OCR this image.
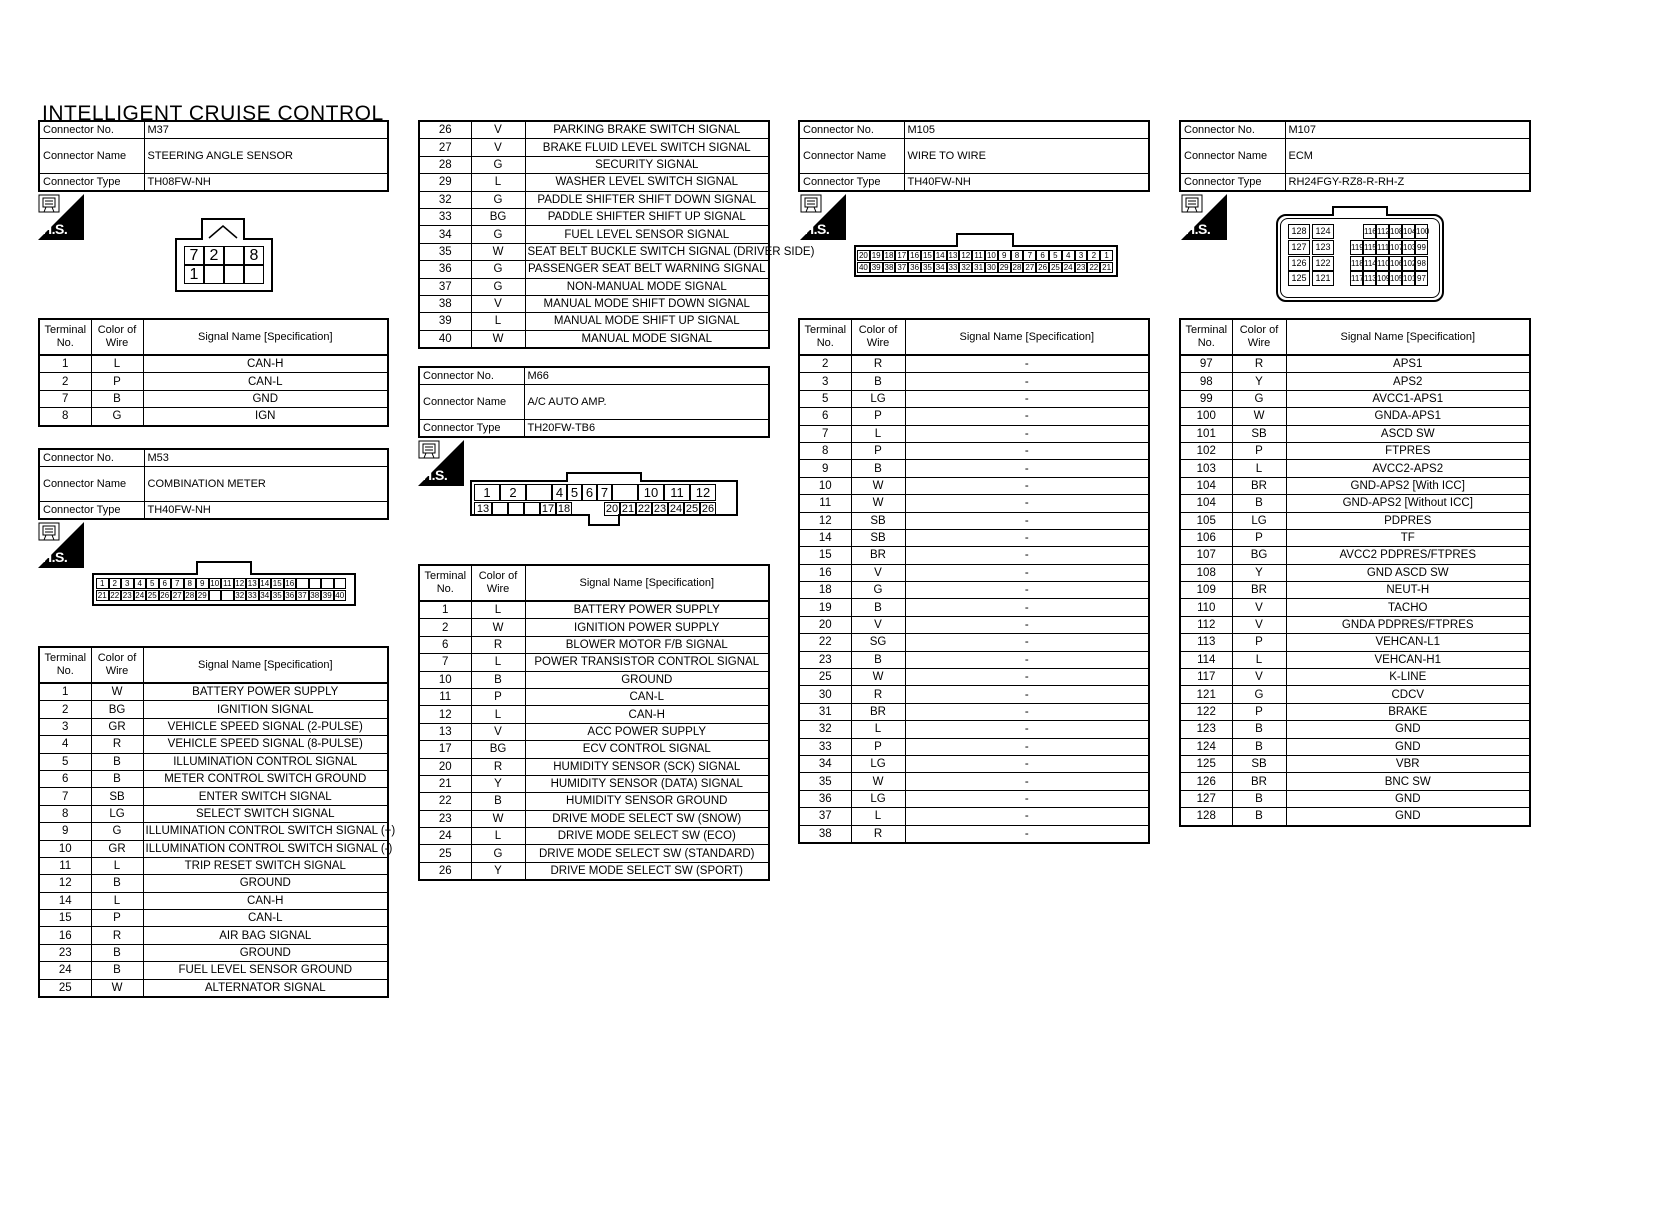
INTELLIGENT CRUISE CONTROL
Connector No.	M37
Connector Name	STEERING ANGLE SENSOR
Connector Type	TH08FW-NH
H.S.
7 2	8
1
Terminal No.	Color of Wire	Signal Name [Specification]
1	L	CAN-H
2	P	CAN-L
7	B	GND
8	G	IGN
Connector No.	M53
Connector Name	COMBINATION METER
Connector Type	TH40FW-NH
H.S.
1	2	3	4	5	6	7	8	9 10 11 12 13 14 15 16
21 22 23 24 25 26 27 28 29	32 33 34 35 36 37 38 39 40
Terminal No.	Color of Wire	Signal Name [Specification]
1	W	BATTERY POWER SUPPLY
2	BG	IGNITION SIGNAL
3	GR	VEHICLE SPEED SIGNAL (2-PULSE)
4	R	VEHICLE SPEED SIGNAL (8-PULSE)
5	B	ILLUMINATION CONTROL SIGNAL
6	B	METER CONTROL SWITCH GROUND
7	SB	ENTER SWITCH SIGNAL
8	LG	SELECT SWITCH SIGNAL
9	G	ILLUMINATION CONTROL SWITCH SIGNAL (+)
10	GR	ILLUMINATION CONTROL SWITCH SIGNAL (-)
11	L	TRIP RESET SWITCH SIGNAL
12	B	GROUND
14	L	CAN-H
15	P	CAN-L
16	R	AIR BAG SIGNAL
23	B	GROUND
24	B	FUEL LEVEL SENSOR GROUND
25	W	ALTERNATOR SIGNAL
26	V	PARKING BRAKE SWITCH SIGNAL
27	V	BRAKE FLUID LEVEL SWITCH SIGNAL
28	G	SECURITY SIGNAL
29	L	WASHER LEVEL SWITCH SIGNAL
32	G	PADDLE SHIFTER SHIFT DOWN SIGNAL
33	BG	PADDLE SHIFTER SHIFT UP SIGNAL
34	G	FUEL LEVEL SENSOR SIGNAL
35	W	SEAT BELT BUCKLE SWITCH SIGNAL (DRIVER SIDE)
36	G	PASSENGER SEAT BELT WARNING SIGNAL
37	G	NON-MANUAL MODE SIGNAL
38	V	MANUAL MODE SHIFT DOWN SIGNAL
39	L	MANUAL MODE SHIFT UP SIGNAL
40	W	MANUAL MODE SIGNAL
Connector No.	M66
Connector Name	A/C AUTO AMP.
Connector Type	TH20FW-TB6
H.S.
1	2	4 5 6 7	10 11 12
13	17 18	20 21 22 23 24 25 26
Terminal No.	Color of Wire	Signal Name [Specification]
1	L	BATTERY POWER SUPPLY
2	W	IGNITION POWER SUPPLY
6	R	BLOWER MOTOR F/B SIGNAL
7	L	POWER TRANSISTOR CONTROL SIGNAL
10	B	GROUND
11	P	CAN-L
12	L	CAN-H
13	V	ACC POWER SUPPLY
17	BG	ECV CONTROL SIGNAL
20	R	HUMIDITY SENSOR (SCK) SIGNAL
21	Y	HUMIDITY SENSOR (DATA) SIGNAL
22	B	HUMIDITY SENSOR GROUND
23	W	DRIVE MODE SELECT SW (SNOW)
24	L	DRIVE MODE SELECT SW (ECO)
25	G	DRIVE MODE SELECT SW (STANDARD)
26	Y	DRIVE MODE SELECT SW (SPORT)
Connector No.	M105
Connector Name	WIRE TO WIRE
Connector Type	TH40FW-NH
H.S.
20 19 18 17 16 15 14 13 12 11 10 9	8	7	6	5	4	3	2	1
40 39 38 37 36 35 34 33 32 31 30 29 28 27 26 25 24 23 22 21
Terminal No.	Color of Wire	Signal Name [Specification]
2	R	-
3	B	-
5	LG	-
6	P	-
7	L	-
8	P	-
9	B	-
10	W	-
11	W	-
12	SB	-
14	SB	-
15	BR	-
16	V	-
18	G	-
19	B	-
20	V	-
22	SG	-
23	B	-
25	W	-
30	R	-
31	BR	-
32	L	-
33	P	-
34	LG	-
35	W	-
36	LG	-
37	L	-
38	R	-
Connector No.	M107
Connector Name	ECM
Connector Type	RH24FGY-RZ8-R-RH-Z
H.S.	128 124	116 112 108 104 100
127 123	119 115 111 107 103 99
126 122	118 114 110 106 102 98
125 121	117 113 109 105 101 97
Terminal No.	Color of Wire	Signal Name [Specification]
97	R	APS1
98	Y	APS2
99	G	AVCC1-APS1
100	W	GNDA-APS1
101	SB	ASCD SW
102	P	FTPRES
103	L	AVCC2-APS2
104	BR	GND-APS2 [With ICC]
104	B	GND-APS2 [Without ICC]
105	LG	PDPRES
106	P	TF
107	BG	AVCC2 PDPRES/FTPRES
108	Y	GND ASCD SW
109	BR	NEUT-H
110	V	TACHO
112	V	GNDA PDPRES/FTPRES
113	P	VEHCAN-L1
114	L	VEHCAN-H1
117	V	K-LINE
121	G	CDCV
122	P	BRAKE
123	B	GND
124	B	GND
125	SB	VBR
126	BR	BNC SW
127	B	GND
128	B	GND
